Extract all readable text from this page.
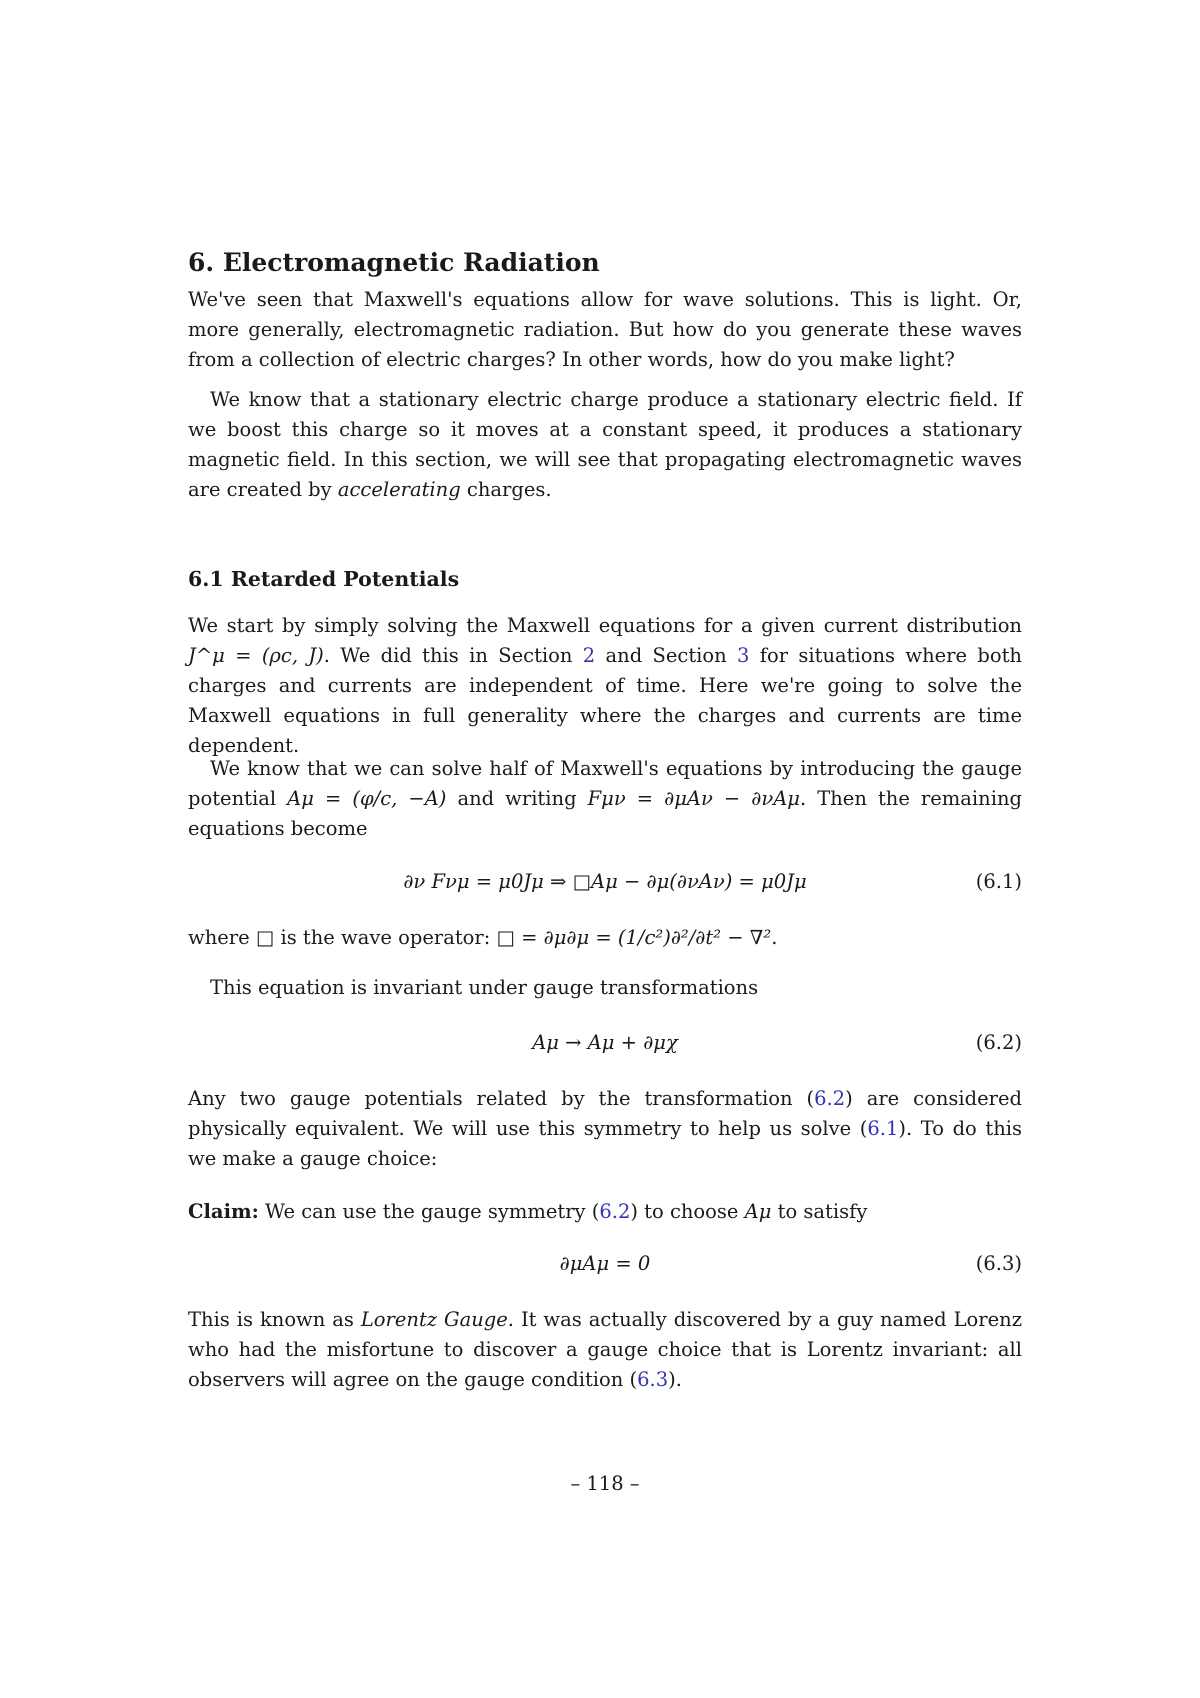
6. Electromagnetic Radiation

We've seen that Maxwell's equations allow for wave solutions. This is light. Or, more generally, electromagnetic radiation. But how do you generate these waves from a collection of electric charges? In other words, how do you make light?

We know that a stationary electric charge produce a stationary electric field. If we boost this charge so it moves at a constant speed, it produces a stationary magnetic field. In this section, we will see that propagating electromagnetic waves are created by accelerating charges.

6.1 Retarded Potentials

We start by simply solving the Maxwell equations for a given current distribution J^μ = (ρc, J). We did this in Section 2 and Section 3 for situations where both charges and currents are independent of time. Here we're going to solve the Maxwell equations in full generality where the charges and currents are time dependent.

We know that we can solve half of Maxwell's equations by introducing the gauge potential Aμ = (φ/c, −A) and writing Fμν = ∂μAν − ∂νAμ. Then the remaining equations become

∂ν Fνμ = μ0Jμ ⇒ □Aμ − ∂μ(∂νAν) = μ0Jμ	(6.1)

where □ is the wave operator: □ = ∂μ∂μ = (1/c²)∂²/∂t² − ∇².

This equation is invariant under gauge transformations

Aμ → Aμ + ∂μχ	(6.2)

Any two gauge potentials related by the transformation (6.2) are considered physically equivalent. We will use this symmetry to help us solve (6.1). To do this we make a gauge choice:

Claim: We can use the gauge symmetry (6.2) to choose Aμ to satisfy

∂μAμ = 0	(6.3)

This is known as Lorentz Gauge. It was actually discovered by a guy named Lorenz who had the misfortune to discover a gauge choice that is Lorentz invariant: all observers will agree on the gauge condition (6.3).

– 118 –
